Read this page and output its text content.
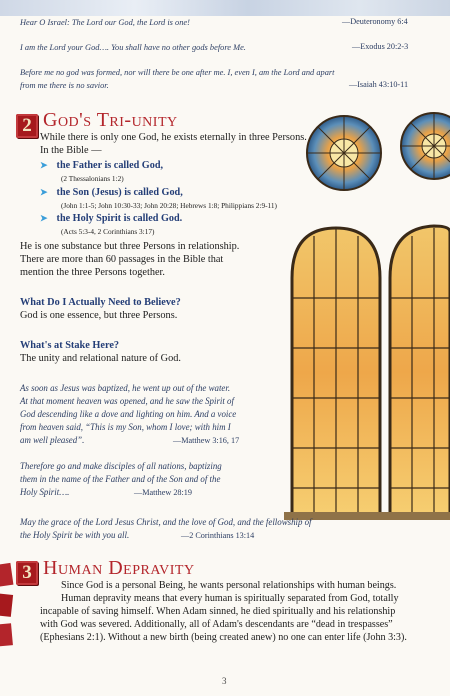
Hear O Israel: The Lord our God, the Lord is one!	—Deuteronomy 6:4
I am the Lord your God…. You shall have no other gods before Me.	—Exodus 20:2-3
Before me no god was formed, nor will there be one after me. I, even I, am the Lord and apart
from me there is no savior.	—Isaiah 43:10-11
2 God's Tri-unity
While there is only one God, he exists eternally in three Persons.
In the Bible —
➤ the Father is called God,
(2 Thessalonians 1:2)
➤ the Son (Jesus) is called God,
(John 1:1-5; John 10:30-33; John 20:28; Hebrews 1:8; Philippians 2:9-11)
➤ the Holy Spirit is called God.
(Acts 5:3-4, 2 Corinthians 3:17)
He is one substance but three Persons in relationship.
There are more than 60 passages in the Bible that
mention the three Persons together.
What Do I Actually Need to Believe?
God is one essence, but three Persons.
What's at Stake Here?
The unity and relational nature of God.
As soon as Jesus was baptized, he went up out of the water.
At that moment heaven was opened, and he saw the Spirit of
God descending like a dove and lighting on him. And a voice
from heaven said, “This is my Son, whom I love; with him I
am well pleased”.	—Matthew 3:16, 17
Therefore go and make disciples of all nations, baptizing
them in the name of the Father and of the Son and of the
Holy Spirit….	—Matthew 28:19
May the grace of the Lord Jesus Christ, and the love of God, and the fellowship of
the Holy Spirit be with you all.	—2 Corinthians 13:14
3 Human Depravity
Since God is a personal Being, he wants personal relationships with human beings.
Human depravity means that every human is spiritually separated from God, totally
incapable of saving himself. When Adam sinned, he died spiritually and his relationship
with God was severed. Additionally, all of Adam's descendants are “dead in trespasses”
(Ephesians 2:1). Without a new birth (being created anew) no one can enter life (John 3:3).
3
